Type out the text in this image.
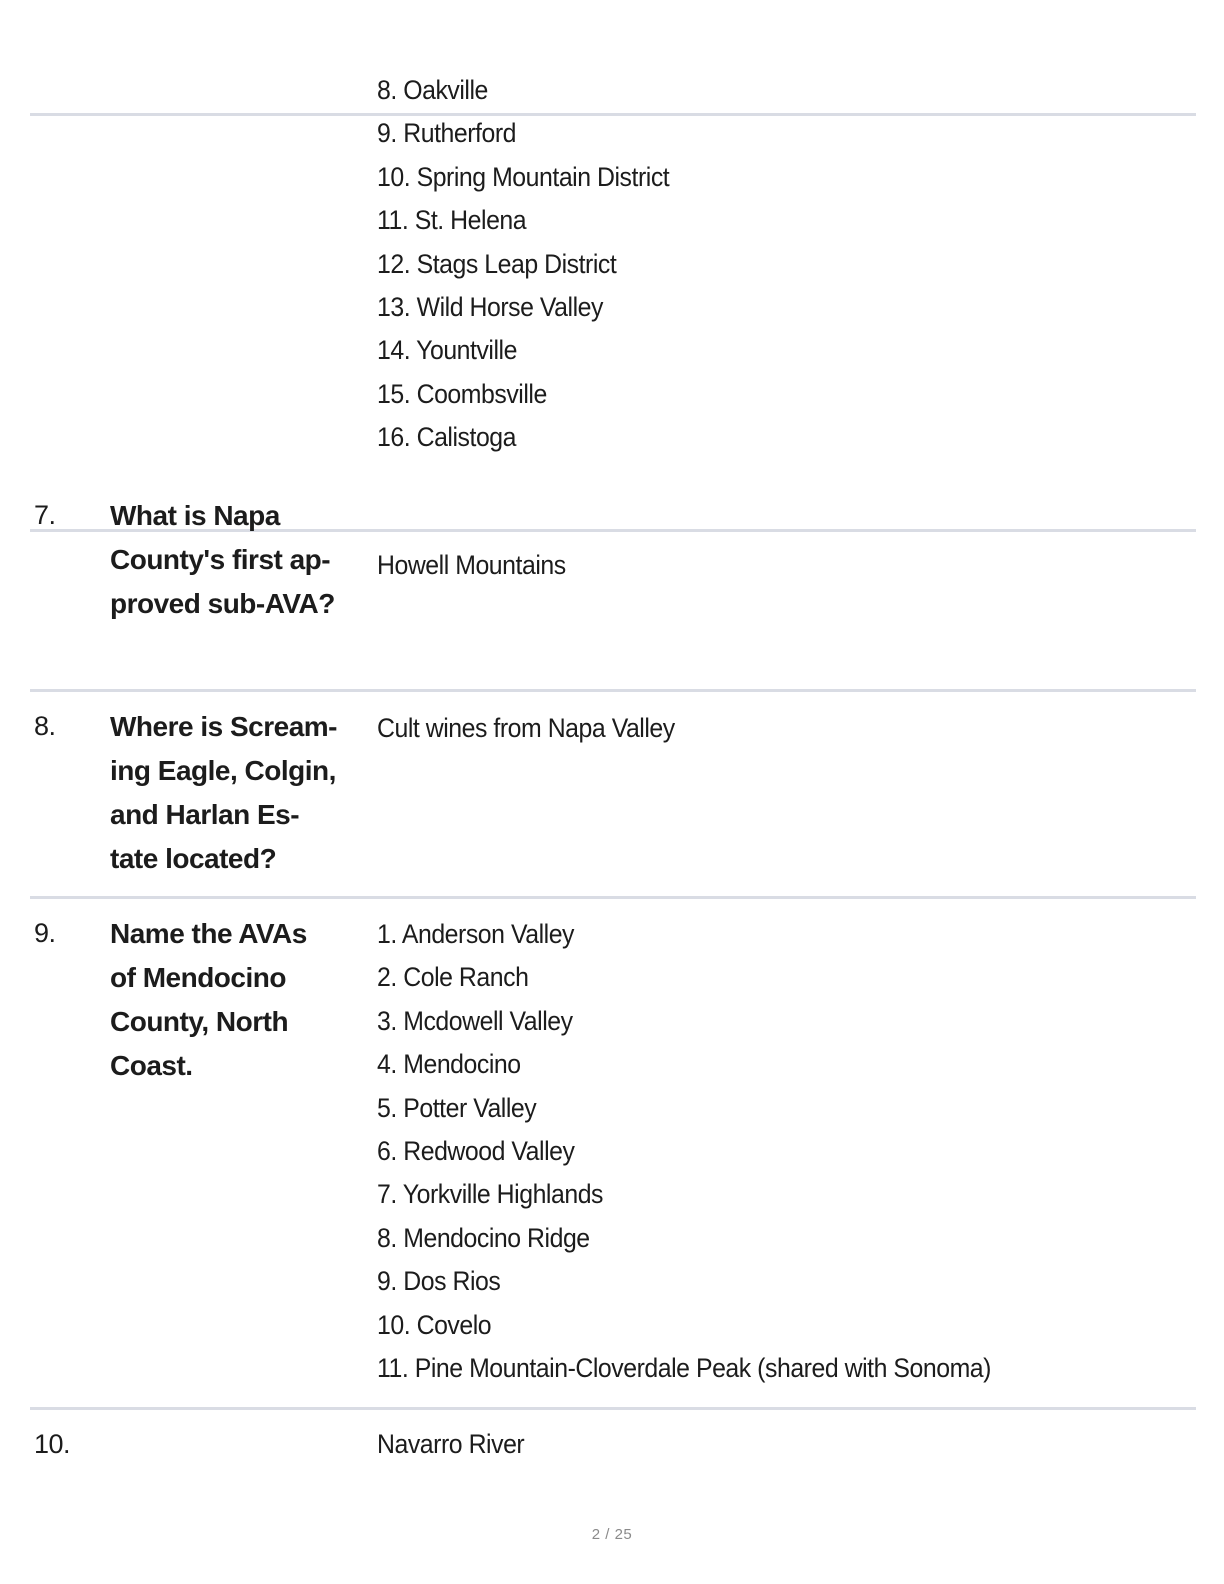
8. Oakville
9. Rutherford
10. Spring Mountain District
11. St. Helena
12. Stags Leap District
13. Wild Horse Valley
14. Yountville
15. Coombsville
16. Calistoga
7. What is Napa
County's first ap-
proved sub-AVA?
Howell Mountains
8. Where is Scream-
ing Eagle, Colgin,
and Harlan Es-
tate located?
Cult wines from Napa Valley
9. Name the AVAs
of Mendocino
County, North
Coast.
1. Anderson Valley
2. Cole Ranch
3. Mcdowell Valley
4. Mendocino
5. Potter Valley
6. Redwood Valley
7. Yorkville Highlands
8. Mendocino Ridge
9. Dos Rios
10. Covelo
11. Pine Mountain-Cloverdale Peak (shared with Sonoma)
10.	Navarro River
2 / 25
